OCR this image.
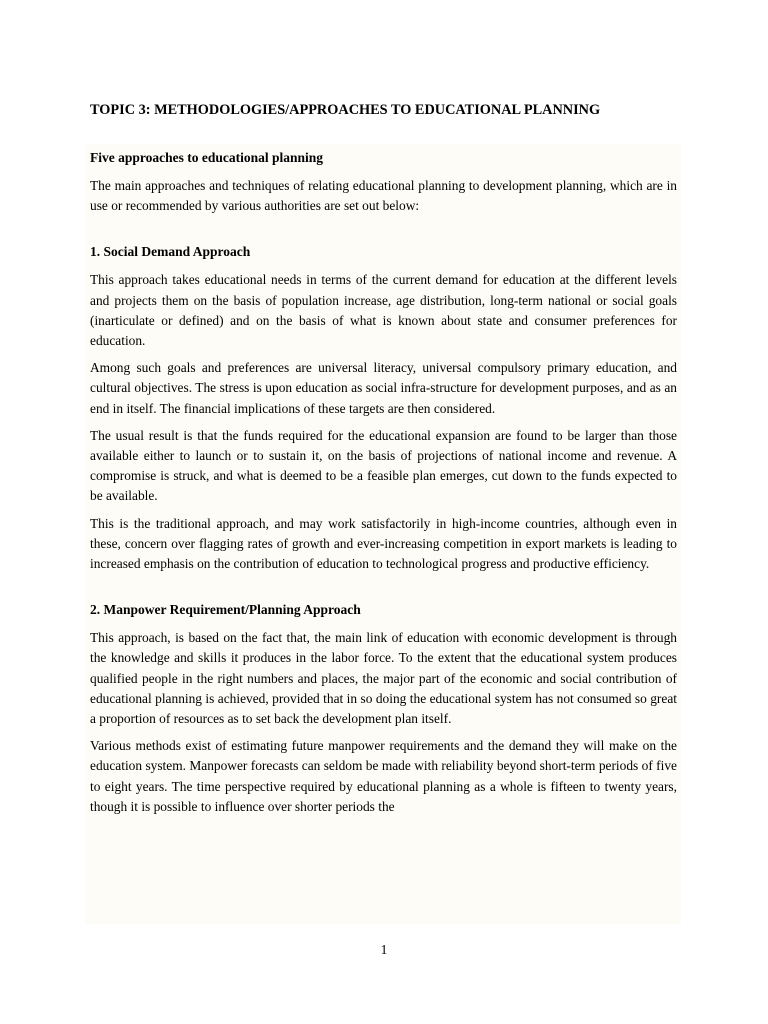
TOPIC 3: METHODOLOGIES/APPROACHES TO EDUCATIONAL PLANNING
Five approaches to educational planning

The main approaches and techniques of relating educational planning to development planning, which are in use or recommended by various authorities are set out below:

1. Social Demand Approach

This approach takes educational needs in terms of the current demand for education at the different levels and projects them on the basis of population increase, age distribution, long-term national or social goals (inarticulate or defined) and on the basis of what is known about state and consumer preferences for education.

Among such goals and preferences are universal literacy, universal compulsory primary education, and cultural objectives. The stress is upon education as social infra-structure for development purposes, and as an end in itself. The financial implications of these targets are then considered.

The usual result is that the funds required for the educational expansion are found to be larger than those available either to launch or to sustain it, on the basis of projections of national income and revenue. A compromise is struck, and what is deemed to be a feasible plan emerges, cut down to the funds expected to be available.

This is the traditional approach, and may work satisfactorily in high-income countries, although even in these, concern over flagging rates of growth and ever-increasing competition in export markets is leading to increased emphasis on the contribution of education to technological progress and productive efficiency.

2. Manpower Requirement/Planning Approach

This approach, is based on the fact that, the main link of education with economic development is through the knowledge and skills it produces in the labor force. To the extent that the educational system produces qualified people in the right numbers and places, the major part of the economic and social contribution of educational planning is achieved, provided that in so doing the educational system has not consumed so great a proportion of resources as to set back the development plan itself.

Various methods exist of estimating future manpower requirements and the demand they will make on the education system. Manpower forecasts can seldom be made with reliability beyond short-term periods of five to eight years. The time perspective required by educational planning as a whole is fifteen to twenty years, though it is possible to influence over shorter periods the

1
